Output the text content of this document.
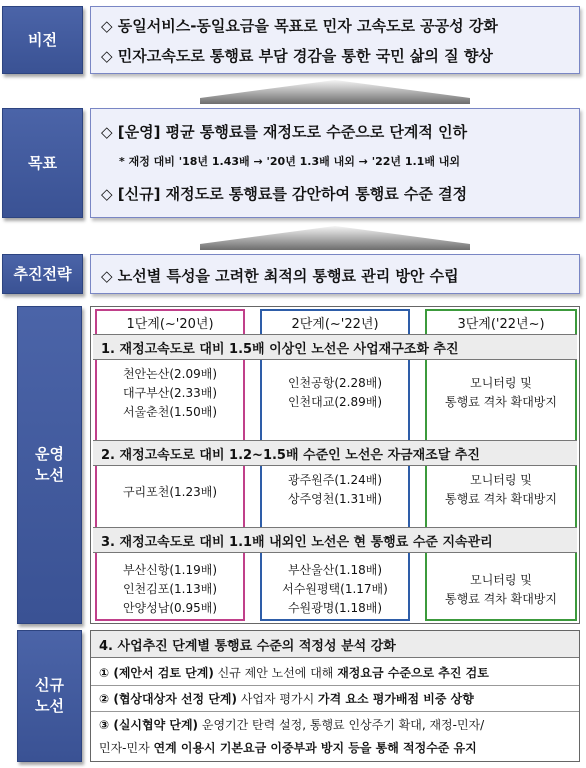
비전
◇ 동일서비스-동일요금을 목표로 민자 고속도로 공공성 강화
◇ 민자고속도로 통행료 부담 경감을 통한 국민 삶의 질 향상
목표
◇ [운영] 평균 통행료를 재정도로 수준으로 단계적 인하
* 재정 대비 '18년 1.43배 → '20년 1.3배 내외 → '22년 1.1배 내외
◇ [신규] 재정도로 통행료를 감안하여 통행료 수준 결정
추진전략 ◇ 노선별 특성을 고려한 최적의 통행료 관리 방안 수립
운영
노선
1단계(~'20년)	2단계(~'22년)	3단계('22년~)
1. 재정고속도로 대비 1.5배 이상인 노선은 사업재구조화 추진
천안논산(2.09배)
대구부산(2.33배)
서울춘천(1.50배)
인천공항(2.28배)
인천대교(2.89배)
모니터링 및
통행료 격차 확대방지
2. 재정고속도로 대비 1.2~1.5배 수준인 노선은 자금재조달 추진
구리포천(1.23배)
광주원주(1.24배)
상주영천(1.31배)
모니터링 및
통행료 격차 확대방지
3. 재정고속도로 대비 1.1배 내외인 노선은 현 통행료 수준 지속관리
부산신항(1.19배)
인천김포(1.13배)
안양성남(0.95배)
부산울산(1.18배)
서수원평택(1.17배)
수원광명(1.18배)
모니터링 및
통행료 격차 확대방지
신규
노선
4. 사업추진 단계별 통행료 수준의 적정성 분석 강화
① (제안서 검토 단계) 신규 제안 노선에 대해 재정요금 수준으로 추진 검토
② (협상대상자 선정 단계) 사업자 평가시 가격 요소 평가배점 비중 상향
③ (실시협약 단계) 운영기간 탄력 설정, 통행료 인상주기 확대, 재정-민자/
민자-민자 연계 이용시 기본요금 이중부과 방지 등을 통해 적정수준 유지
